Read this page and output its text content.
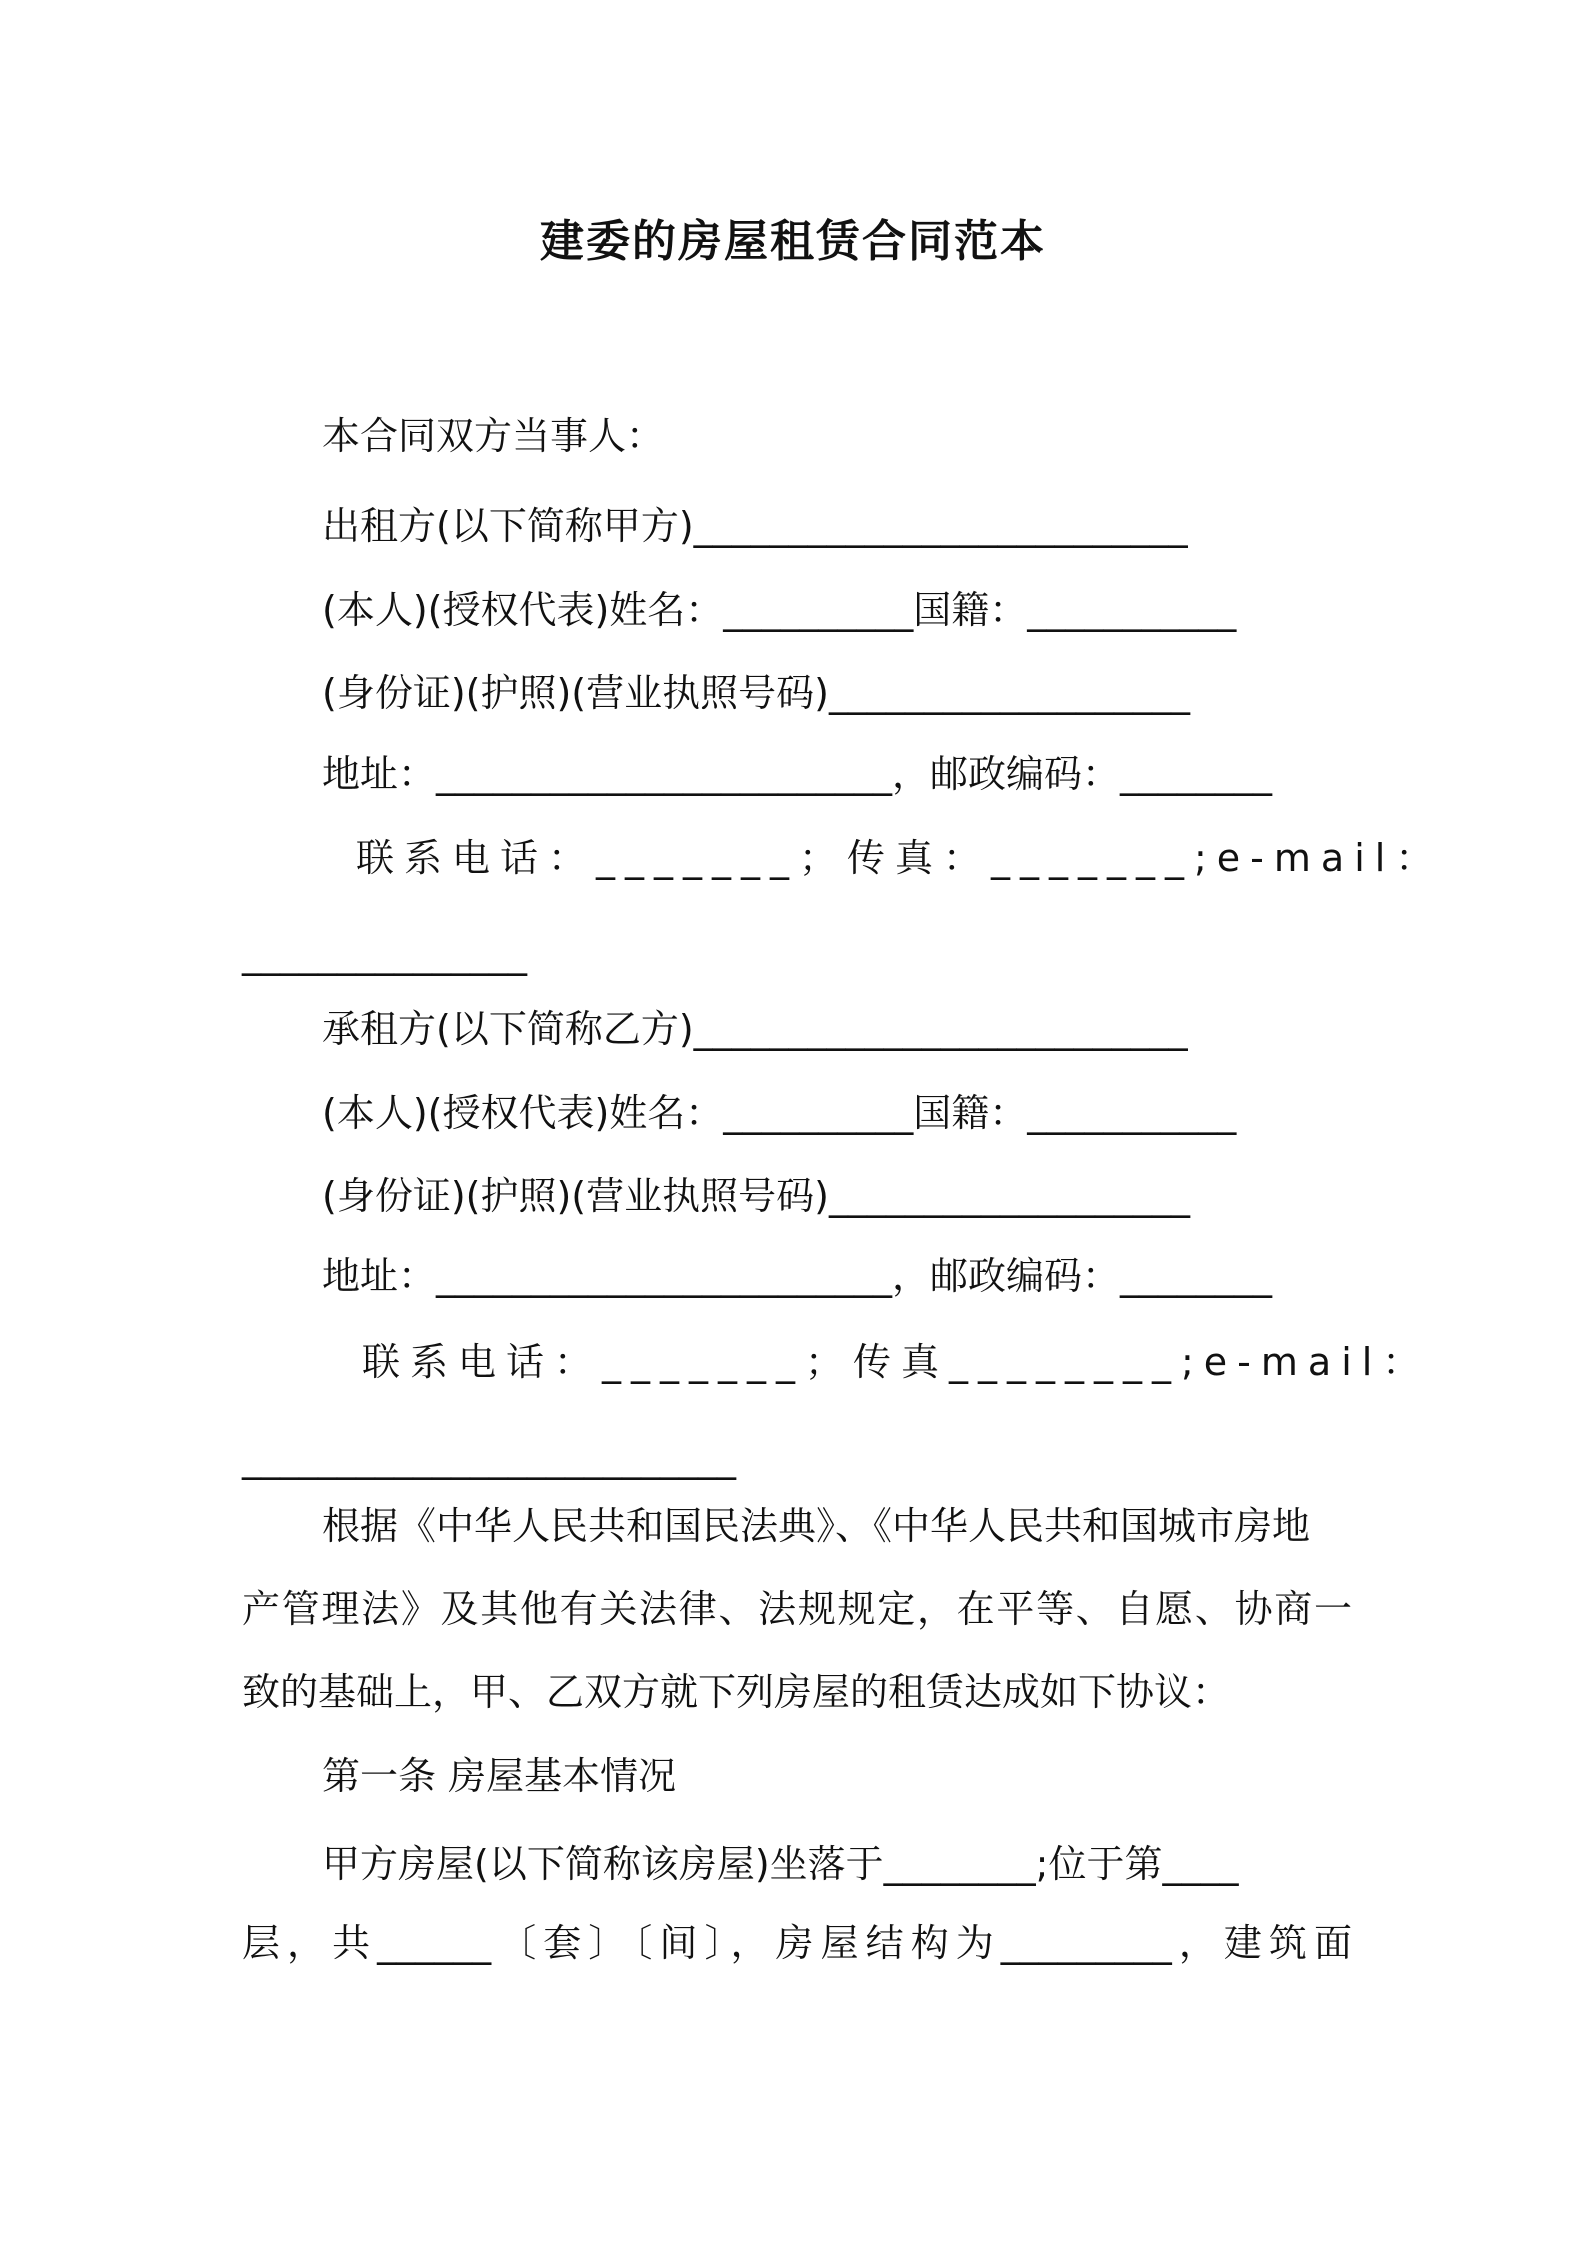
建委的房屋租赁合同范本

本合同双方当事人：

出租方(以下简称甲方)__________________________

(本人)(授权代表)姓名：__________国籍：___________

(身份证)(护照)(营业执照号码)___________________

地址：________________________，邮政编码：________

联系电话：_______；传真：_______;e-mail：

_______________

承租方(以下简称乙方)__________________________

(本人)(授权代表)姓名：__________国籍：___________

(身份证)(护照)(营业执照号码)___________________

地址：________________________，邮政编码：________

联系电话：_______；传真________;e-mail：

__________________________

根据《中华人民共和国民法典》、《中华人民共和国城市房地

产管理法》及其他有关法律、法规规定，在平等、自愿、协商一

致的基础上，甲、乙双方就下列房屋的租赁达成如下协议：

第一条 房屋基本情况

甲方房屋(以下简称该房屋)坐落于________;位于第____

层，共______〔套〕〔间〕，房屋结构为_________，建筑面
